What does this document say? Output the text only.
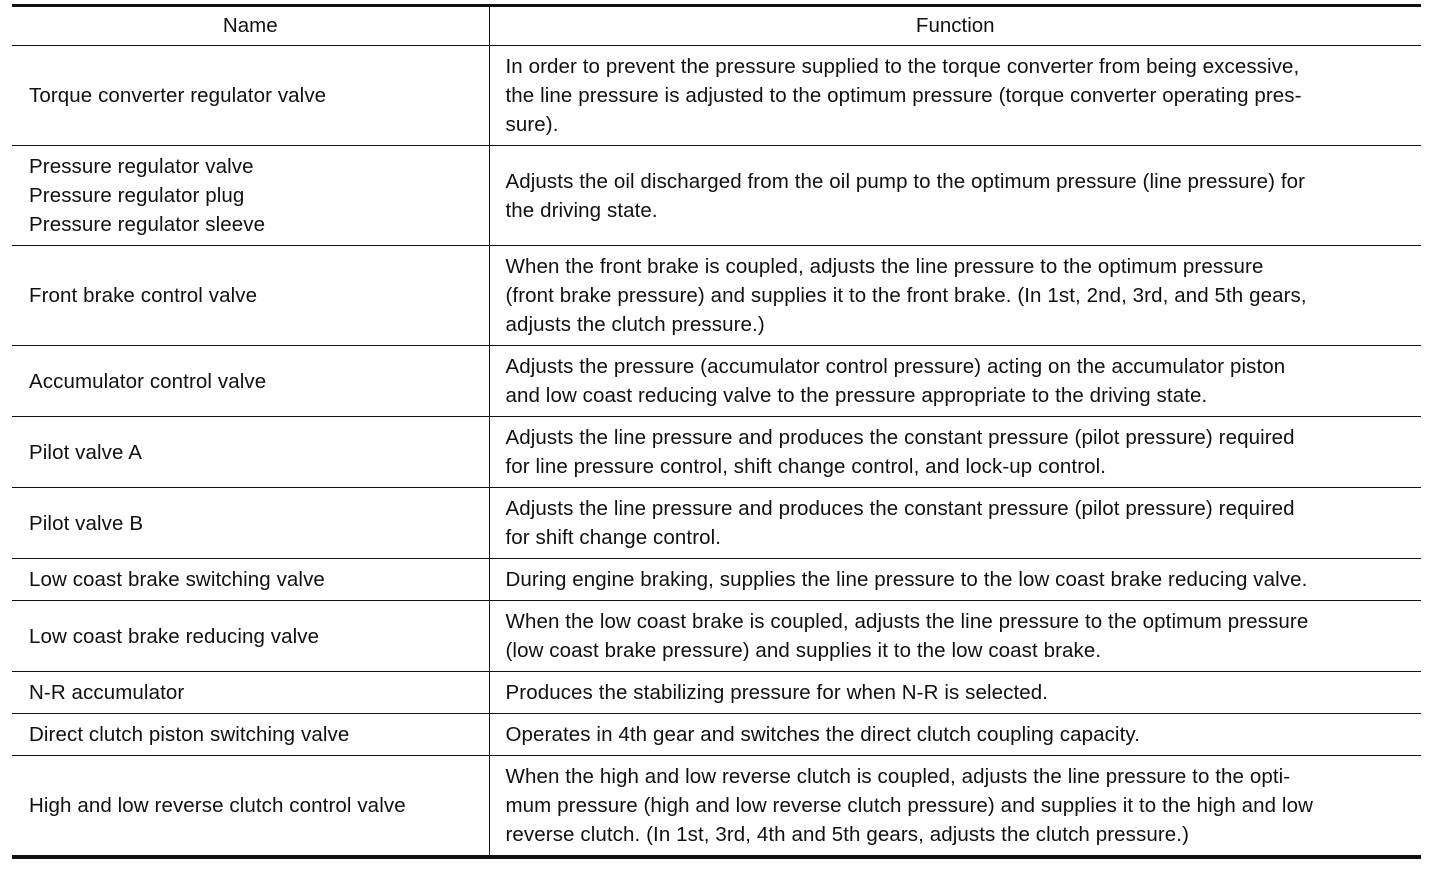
Name	Function

Torque converter regulator valve	In order to prevent the pressure supplied to the torque converter from being excessive,
the line pressure is adjusted to the optimum pressure (torque converter operating pres-
sure).

Pressure regulator valve
Pressure regulator plug
Pressure regulator sleeve	Adjusts the oil discharged from the oil pump to the optimum pressure (line pressure) for
the driving state.

Front brake control valve	When the front brake is coupled, adjusts the line pressure to the optimum pressure
(front brake pressure) and supplies it to the front brake. (In 1st, 2nd, 3rd, and 5th gears,
adjusts the clutch pressure.)

Accumulator control valve	Adjusts the pressure (accumulator control pressure) acting on the accumulator piston
and low coast reducing valve to the pressure appropriate to the driving state.

Pilot valve A	Adjusts the line pressure and produces the constant pressure (pilot pressure) required
for line pressure control, shift change control, and lock-up control.

Pilot valve B	Adjusts the line pressure and produces the constant pressure (pilot pressure) required
for shift change control.

Low coast brake switching valve	During engine braking, supplies the line pressure to the low coast brake reducing valve.

Low coast brake reducing valve	When the low coast brake is coupled, adjusts the line pressure to the optimum pressure
(low coast brake pressure) and supplies it to the low coast brake.

N-R accumulator	Produces the stabilizing pressure for when N-R is selected.

Direct clutch piston switching valve	Operates in 4th gear and switches the direct clutch coupling capacity.

High and low reverse clutch control valve	When the high and low reverse clutch is coupled, adjusts the line pressure to the opti-
mum pressure (high and low reverse clutch pressure) and supplies it to the high and low
reverse clutch. (In 1st, 3rd, 4th and 5th gears, adjusts the clutch pressure.)
